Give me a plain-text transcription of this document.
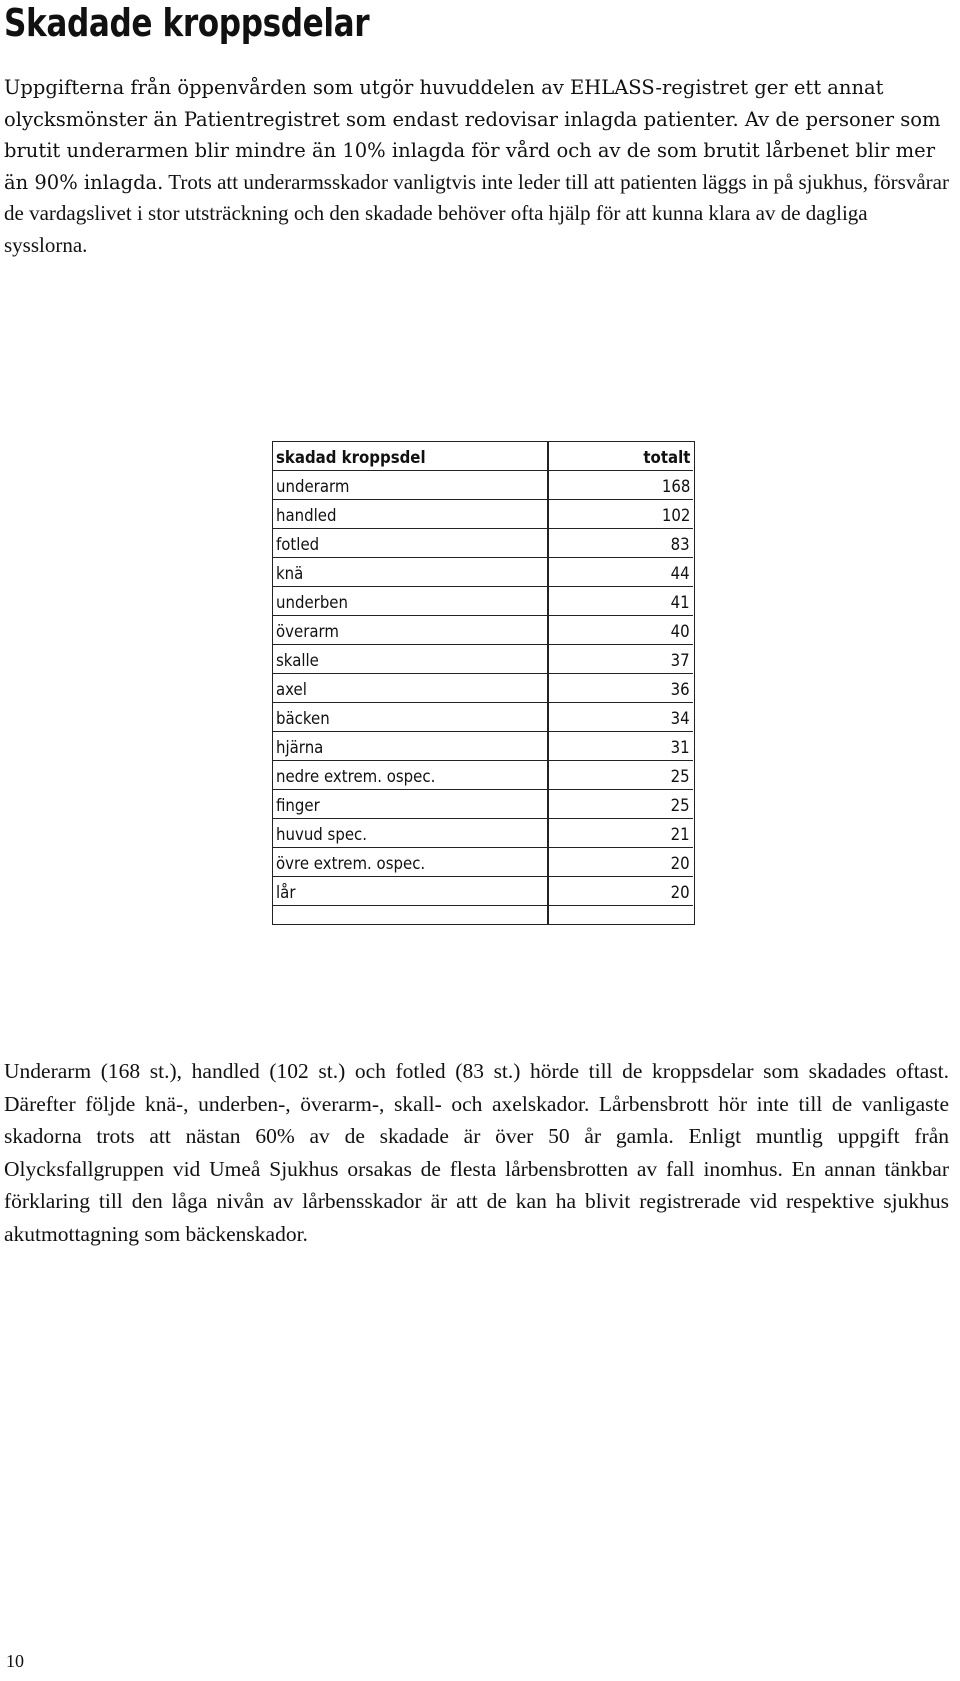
Skadade kroppsdelar

Uppgifterna från öppenvården som utgör huvuddelen av EHLASS-registret ger ett annat olycksmönster än Patientregistret som endast redovisar inlagda patienter. Av de personer som brutit underarmen blir mindre än 10% inlagda för vård och av de som brutit lårbenet blir mer än 90% inlagda. Trots att underarmsskador vanligtvis inte leder till att patienten läggs in på sjukhus, försvårar de vardagslivet i stor utsträckning och den skadade behöver ofta hjälp för att kunna klara av de dagliga sysslorna.

skadad kroppsdel	totalt
underarm	168
handled	102
fotled	83
knä	44
underben	41
överarm	40
skalle	37
axel	36
bäcken	34
hjärna	31
nedre extrem. ospec.	25
finger	25
huvud spec.	21
övre extrem. ospec.	20
lår	20

Underarm (168 st.), handled (102 st.) och fotled (83 st.) hörde till de kroppsdelar som skadades oftast. Därefter följde knä-, underben-, överarm-, skall- och axelskador. Lårbensbrott hör inte till de vanligaste skadorna trots att nästan 60% av de skadade är över 50 år gamla. Enligt muntlig uppgift från Olycksfallgruppen vid Umeå Sjukhus orsakas de flesta lårbensbrotten av fall inomhus. En annan tänkbar förklaring till den låga nivån av lårbensskador är att de kan ha blivit registrerade vid respektive sjukhus akutmottagning som bäckenskador.

10
